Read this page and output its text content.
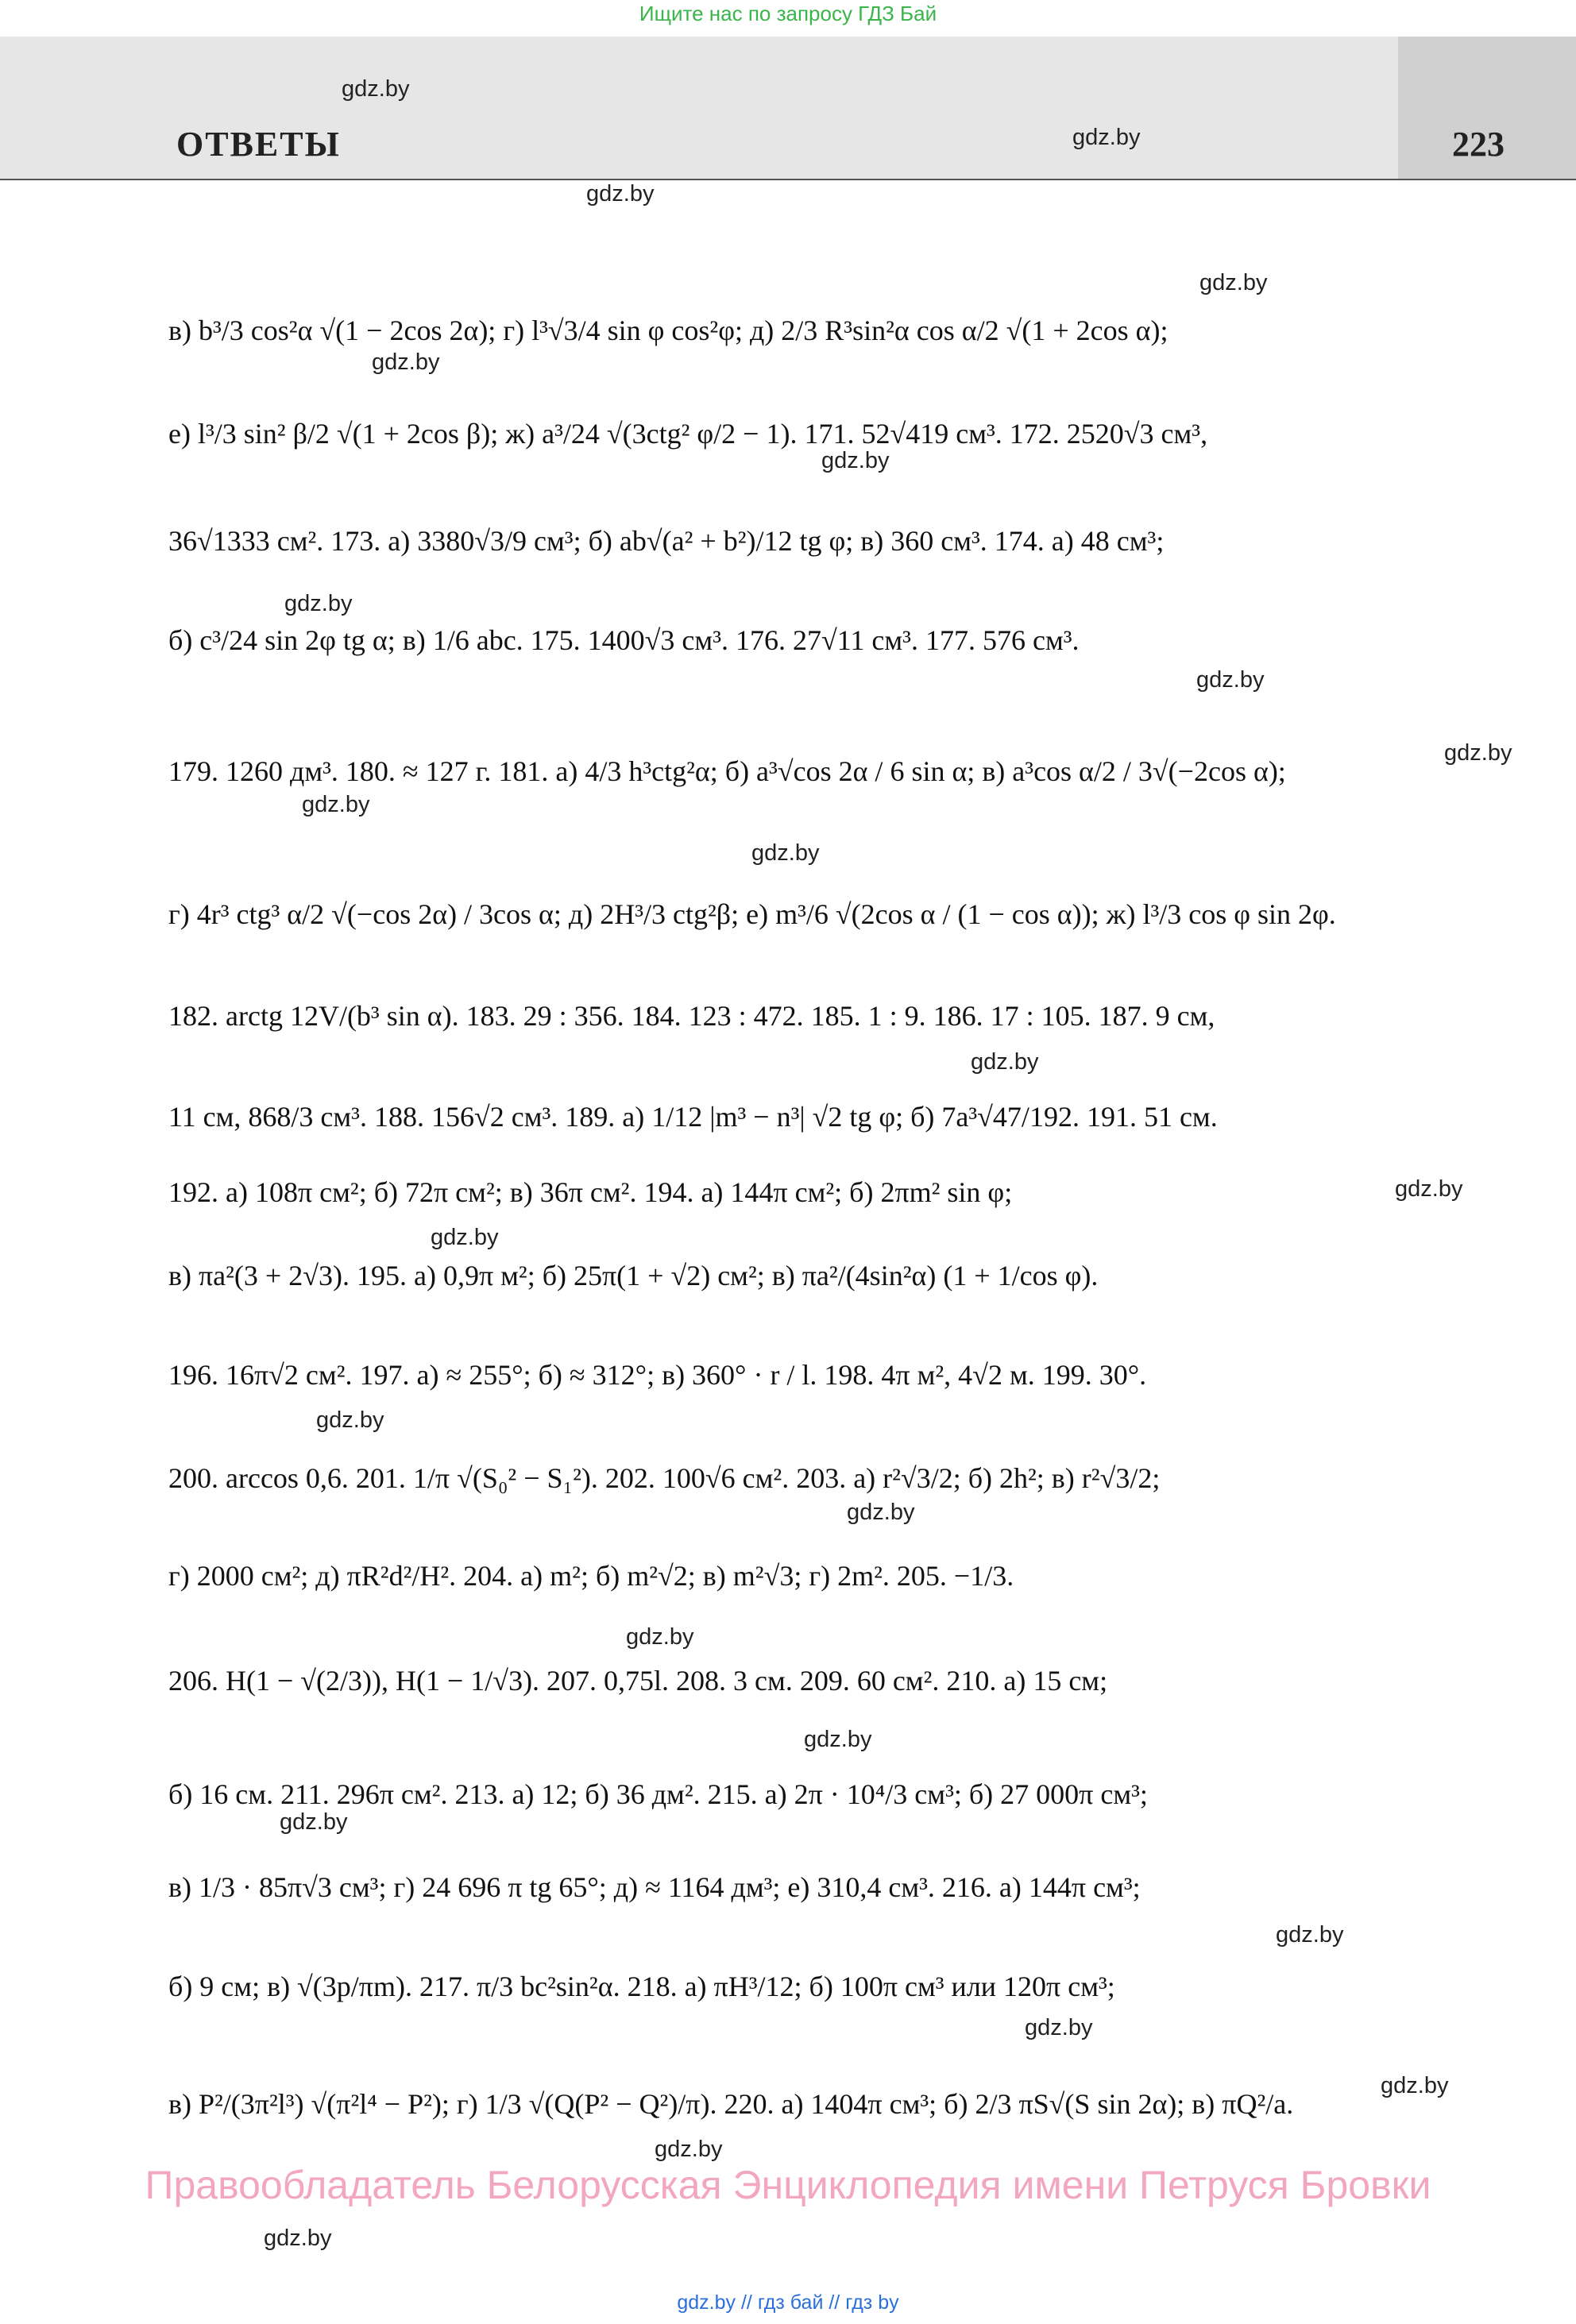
Ищите нас по запросу ГДЗ Бай
ОТВЕТЫ	223
gdz.by
gdz.by
gdz.by
gdz.by
gdz.by
gdz.by
gdz.by
gdz.by
gdz.by
gdz.by
gdz.by
gdz.by
gdz.by
gdz.by
gdz.by
gdz.by
gdz.by
gdz.by
gdz.by
gdz.by
gdz.by
gdz.by
gdz.by
gdz.by
в) b³/3 cos²α √(1 − 2cos 2α); г) l³√3/4 sin φ cos²φ; д) 2/3 R³sin²α cos α/2 √(1 + 2cos α);
е) l³/3 sin² β/2 √(1 + 2cos β); ж) a³/24 √(3ctg² φ/2 − 1). 171. 52√419 см³. 172. 2520√3 см³,
36√1333 см². 173. а) 3380√3/9 см³; б) ab√(a² + b²)/12 tg φ; в) 360 см³. 174. а) 48 см³;
б) c³/24 sin 2φ tg α; в) 1/6 abc. 175. 1400√3 см³. 176. 27√11 см³. 177. 576 см³.
179. 1260 дм³. 180. ≈ 127 г. 181. а) 4/3 h³ctg²α; б) a³√cos 2α / 6 sin α; в) a³cos α/2 / 3√(−2cos α);
г) 4r³ ctg³ α/2 √(−cos 2α) / 3cos α; д) 2H³/3 ctg²β; е) m³/6 √(2cos α / (1 − cos α)); ж) l³/3 cos φ sin 2φ.
182. arctg 12V/(b³ sin α). 183. 29 : 356. 184. 123 : 472. 185. 1 : 9. 186. 17 : 105. 187. 9 см,
11 см, 868/3 см³. 188. 156√2 см³. 189. а) 1/12 |m³ − n³| √2 tg φ; б) 7a³√47/192. 191. 51 см.
192. а) 108π см²; б) 72π см²; в) 36π см². 194. а) 144π см²; б) 2πm² sin φ;
в) πa²(3 + 2√3). 195. а) 0,9π м²; б) 25π(1 + √2) см²; в) πa²/(4sin²α) (1 + 1/cos φ).
196. 16π√2 см². 197. а) ≈ 255°; б) ≈ 312°; в) 360° · r / l. 198. 4π м², 4√2 м. 199. 30°.
200. arccos 0,6. 201. 1/π √(S₀² − S₁²). 202. 100√6 см². 203. а) r²√3/2; б) 2h²; в) r²√3/2;
г) 2000 см²; д) πR²d²/H². 204. а) m²; б) m²√2; в) m²√3; г) 2m². 205. −1/3.
206. H(1 − √(2/3)), H(1 − 1/√3). 207. 0,75l. 208. 3 см. 209. 60 см². 210. а) 15 см;
б) 16 см. 211. 296π см². 213. а) 12; б) 36 дм². 215. а) 2π · 10⁴/3 см³; б) 27 000π см³;
в) 1/3 · 85π√3 см³; г) 24 696 π tg 65°; д) ≈ 1164 дм³; е) 310,4 см³. 216. а) 144π см³;
б) 9 см; в) √(3p/πm). 217. π/3 bc²sin²α. 218. а) πH³/12; б) 100π см³ или 120π см³;
в) P²/(3π²l³) √(π²l⁴ − P²); г) 1/3 √(Q(P² − Q²)/π). 220. а) 1404π см³; б) 2/3 πS√(S sin 2α); в) πQ²/a.
Правообладатель Белорусская Энциклопедия имени Петруся Бровки
gdz.by // гдз бай // гдз by
